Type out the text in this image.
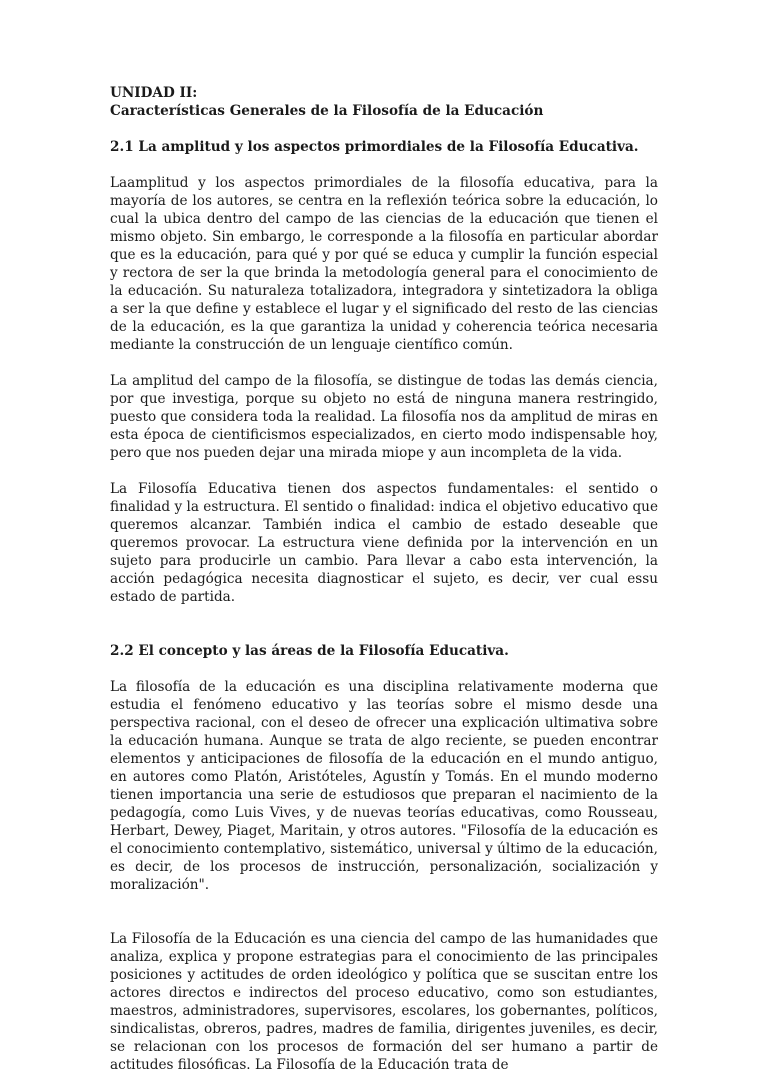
UNIDAD II:
Características Generales de la Filosofía de la Educación
2.1 La amplitud y los aspectos primordiales de la Filosofía Educativa.

Laamplitud y los aspectos primordiales de la filosofía educativa, para la mayoría de los autores, se centra en la reflexión teórica sobre la educación, lo cual la ubica dentro del campo de las ciencias de la educación que tienen el mismo objeto. Sin embargo, le corresponde a la filosofía en particular abordar que es la educación, para qué y por qué se educa y cumplir la función especial y rectora de ser la que brinda la metodología general para el conocimiento de la educación. Su naturaleza totalizadora, integradora y sintetizadora la obliga a ser la que define y establece el lugar y el significado del resto de las ciencias de la educación, es la que garantiza la unidad y coherencia teórica necesaria mediante la construcción de un lenguaje científico común.

La amplitud del campo de la filosofía, se distingue de todas las demás ciencia, por que investiga, porque su objeto no está de ninguna manera restringido, puesto que considera toda la realidad. La filosofía nos da amplitud de miras en esta época de cientificismos especializados, en cierto modo indispensable hoy, pero que nos pueden dejar una mirada miope y aun incompleta de la vida.

La Filosofía Educativa tienen dos aspectos fundamentales: el sentido o finalidad y la estructura. El sentido o finalidad: indica el objetivo educativo que queremos alcanzar. También indica el cambio de estado deseable que queremos provocar. La estructura viene definida por la intervención en un sujeto para producirle un cambio. Para llevar a cabo esta intervención, la acción pedagógica necesita diagnosticar el sujeto, es decir, ver cual essu estado de partida.

2.2 El concepto y las áreas de la Filosofía Educativa.

La filosofía de la educación es una disciplina relativamente moderna que estudia el fenómeno educativo y las teorías sobre el mismo desde una perspectiva racional, con el deseo de ofrecer una explicación ultimativa sobre la educación humana. Aunque se trata de algo reciente, se pueden encontrar elementos y anticipaciones de filosofía de la educación en el mundo antiguo, en autores como Platón, Aristóteles, Agustín y Tomás. En el mundo moderno tienen importancia una serie de estudiosos que preparan el nacimiento de la pedagogía, como Luis Vives, y de nuevas teorías educativas, como Rousseau, Herbart, Dewey, Piaget, Maritain, y otros autores. "Filosofía de la educación es el conocimiento contemplativo, sistemático, universal y último de la educación, es decir, de los procesos de instrucción, personalización, socialización y moralización".

La Filosofía de la Educación es una ciencia del campo de las humanidades que analiza, explica y propone estrategias para el conocimiento de las principales posiciones y actitudes de orden ideológico y política que se suscitan entre los actores directos e indirectos del proceso educativo, como son estudiantes, maestros, administradores, supervisores, escolares, los gobernantes, políticos, sindicalistas, obreros, padres, madres de familia, dirigentes juveniles, es decir, se relacionan con los procesos de formación del ser humano a partir de actitudes filosóficas. La Filosofía de la Educación trata de
